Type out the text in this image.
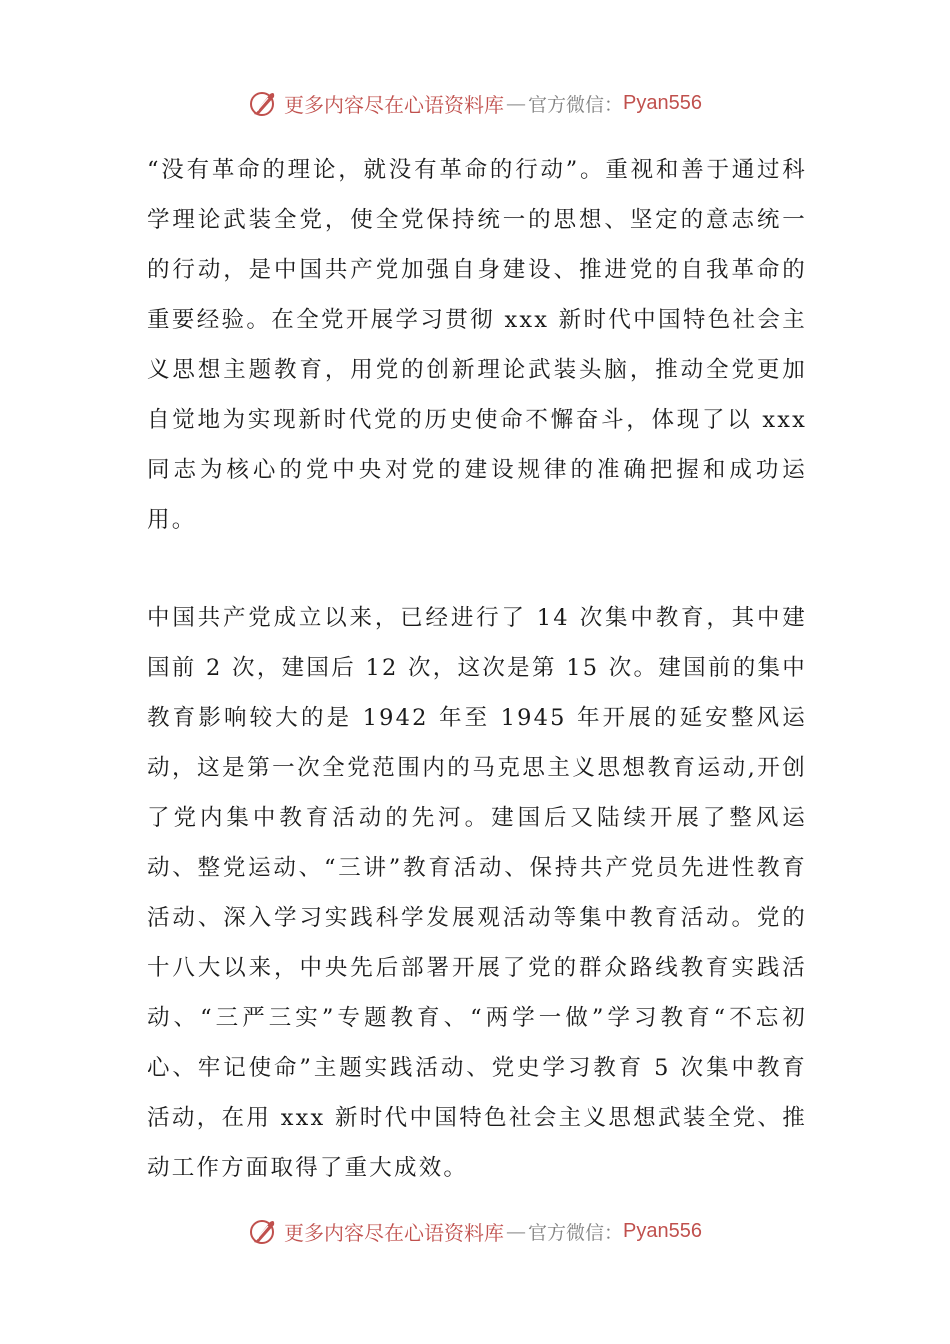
更多内容尽在心语资料库 — 官方微信： Pyan556

“没有革命的理论，就没有革命的行动”。重视和善于通过科学理论武装全党，使全党保持统一的思想、坚定的意志统一的行动，是中国共产党加强自身建设、推进党的自我革命的重要经验。在全党开展学习贯彻 xxx 新时代中国特色社会主义思想主题教育，用党的创新理论武装头脑，推动全党更加自觉地为实现新时代党的历史使命不懈奋斗，体现了以 xxx 同志为核心的党中央对党的建设规律的准确把握和成功运用。

中国共产党成立以来，已经进行了 14 次集中教育，其中建国前 2 次，建国后 12 次，这次是第 15 次。建国前的集中教育影响较大的是 1942 年至 1945 年开展的延安整风运动，这是第一次全党范围内的马克思主义思想教育运动,开创了党内集中教育活动的先河。建国后又陆续开展了整风运动、整党运动、“三讲”教育活动、保持共产党员先进性教育活动、深入学习实践科学发展观活动等集中教育活动。党的十八大以来，中央先后部署开展了党的群众路线教育实践活动、“三严三实”专题教育、“两学一做”学习教育“不忘初心、牢记使命”主题实践活动、党史学习教育 5 次集中教育活动，在用 xxx 新时代中国特色社会主义思想武装全党、推动工作方面取得了重大成效。

更多内容尽在心语资料库 — 官方微信： Pyan556
